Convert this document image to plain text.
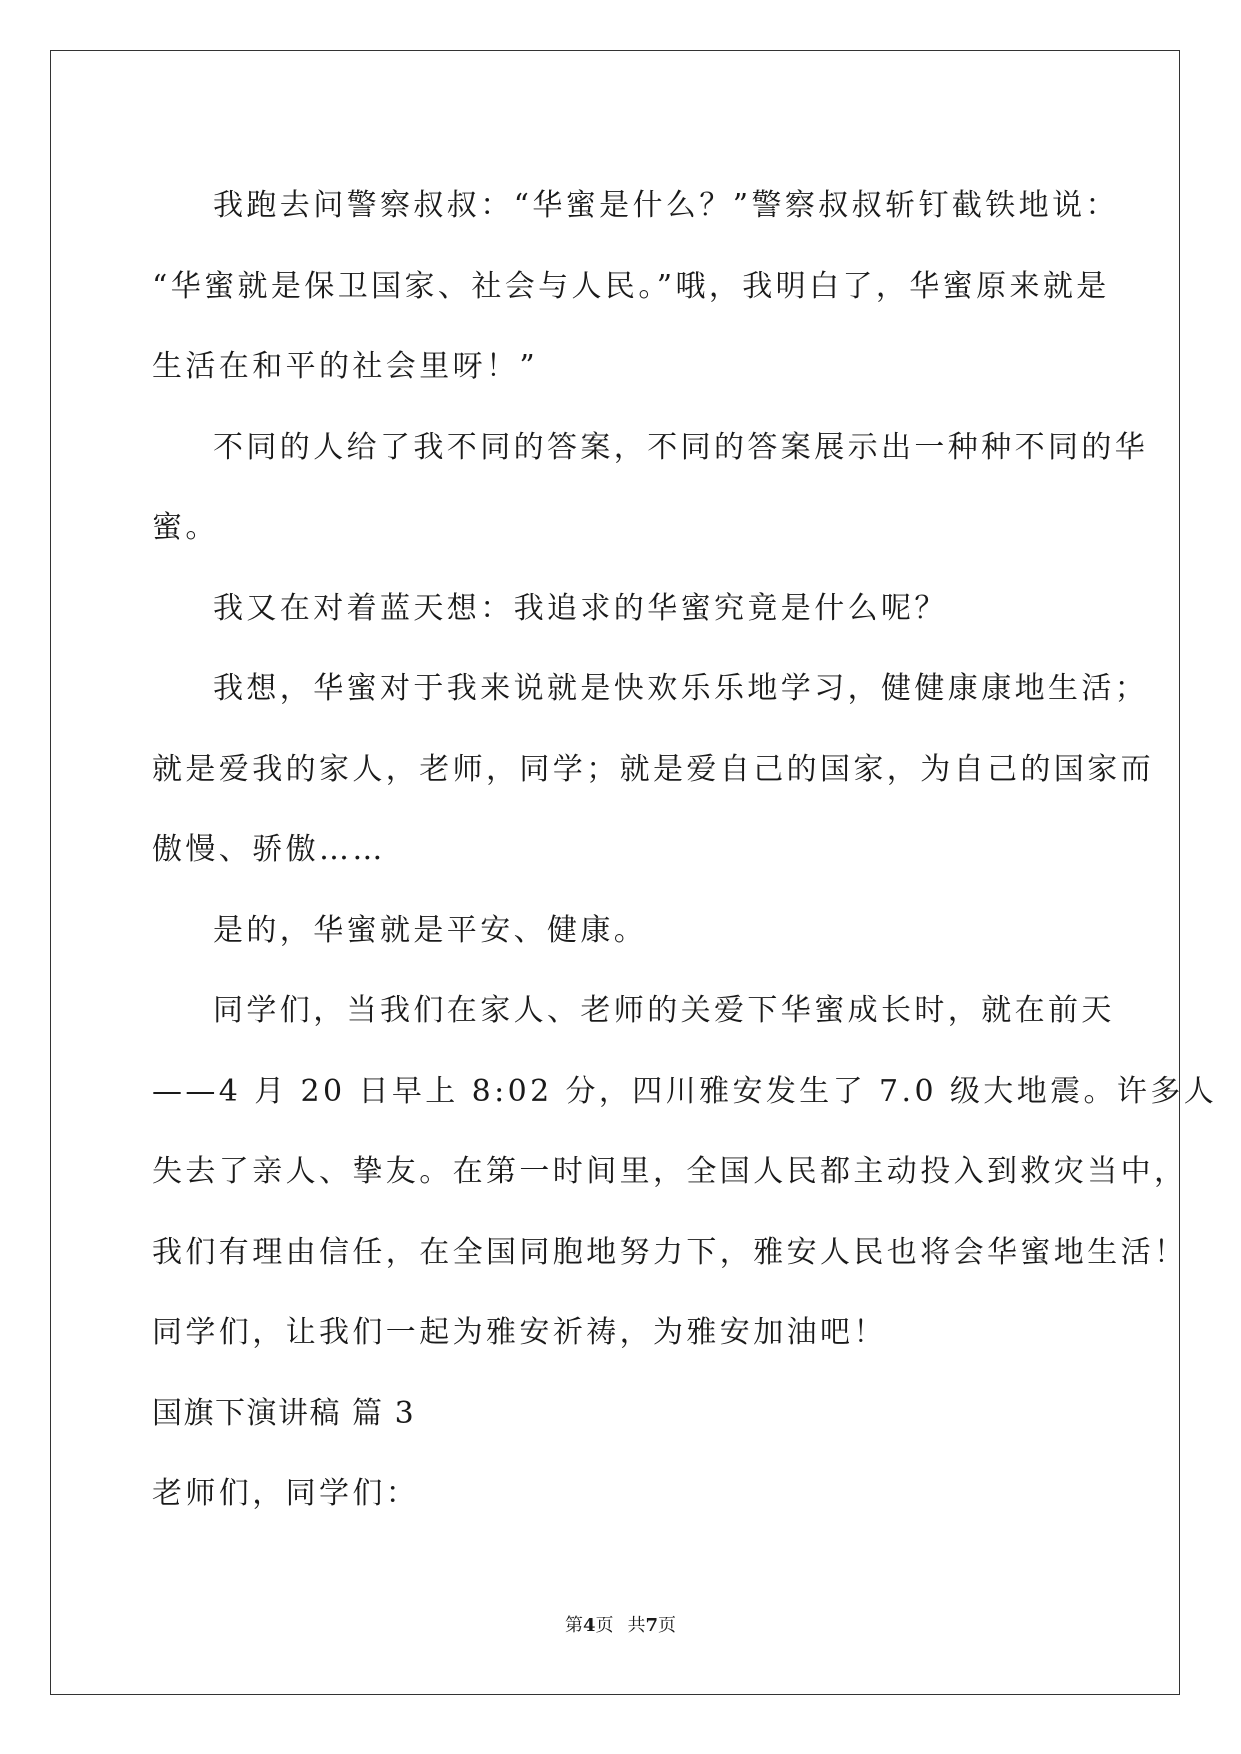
我跑去问警察叔叔：“华蜜是什么？”警察叔叔斩钉截铁地说：
“华蜜就是保卫国家、社会与人民。”哦，我明白了，华蜜原来就是
生活在和平的社会里呀！”
不同的人给了我不同的答案，不同的答案展示出一种种不同的华
蜜。
我又在对着蓝天想：我追求的华蜜究竟是什么呢？
我想，华蜜对于我来说就是快欢乐乐地学习，健健康康地生活；
就是爱我的家人，老师，同学；就是爱自己的国家，为自己的国家而
傲慢、骄傲……
是的，华蜜就是平安、健康。
同学们，当我们在家人、老师的关爱下华蜜成长时，就在前天
——4 月 20 日早上 8:02 分，四川雅安发生了 7.0 级大地震。许多人
失去了亲人、挚友。在第一时间里，全国人民都主动投入到救灾当中，
我们有理由信任，在全国同胞地努力下，雅安人民也将会华蜜地生活！
同学们，让我们一起为雅安祈祷，为雅安加油吧！
国旗下演讲稿 篇 3
老师们，同学们：
第4页 共7页
